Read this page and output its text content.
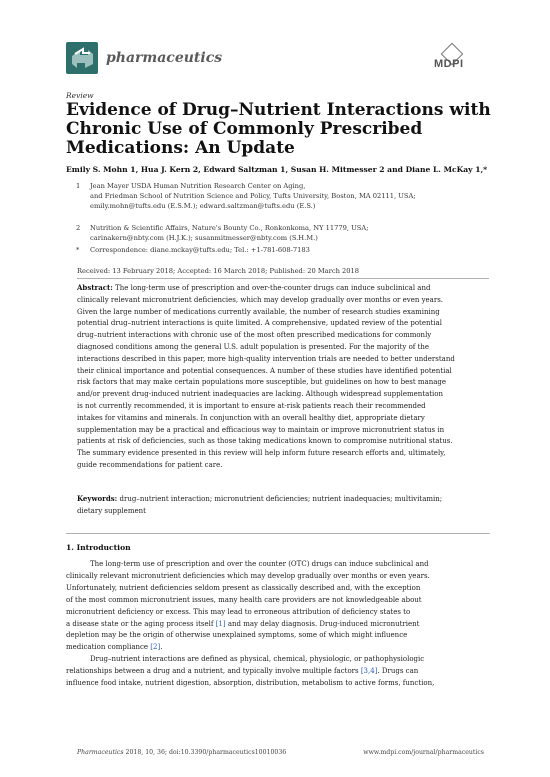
pharmaceutics	MDPI
Review
Evidence of Drug–Nutrient Interactions with
Chronic Use of Commonly Prescribed
Medications: An Update
Emily S. Mohn 1, Hua J. Kern 2, Edward Saltzman 1, Susan H. Mitmesser 2 and Diane L. McKay 1,*
1 Jean Mayer USDA Human Nutrition Research Center on Aging,
and Friedman School of Nutrition Science and Policy, Tufts University, Boston, MA 02111, USA;
emily.mohn@tufts.edu (E.S.M.); edward.saltzman@tufts.edu (E.S.)
2 Nutrition & Scientific Affairs, Nature's Bounty Co., Ronkonkoma, NY 11779, USA;
carinakern@nbty.com (H.J.K.); susanmitmesser@nbty.com (S.H.M.)
* Correspondence: diane.mckay@tufts.edu; Tel.: +1-781-608-7183
Received: 13 February 2018; Accepted: 16 March 2018; Published: 20 March 2018
Abstract: The long-term use of prescription and over-the-counter drugs can induce subclinical and
clinically relevant micronutrient deficiencies, which may develop gradually over months or even years.
Given the large number of medications currently available, the number of research studies examining
potential drug–nutrient interactions is quite limited. A comprehensive, updated review of the potential
drug–nutrient interactions with chronic use of the most often prescribed medications for commonly
diagnosed conditions among the general U.S. adult population is presented. For the majority of the
interactions described in this paper, more high-quality intervention trials are needed to better understand
their clinical importance and potential consequences. A number of these studies have identified potential
risk factors that may make certain populations more susceptible, but guidelines on how to best manage
and/or prevent drug-induced nutrient inadequacies are lacking. Although widespread supplementation
is not currently recommended, it is important to ensure at-risk patients reach their recommended
intakes for vitamins and minerals. In conjunction with an overall healthy diet, appropriate dietary
supplementation may be a practical and efficacious way to maintain or improve micronutrient status in
patients at risk of deficiencies, such as those taking medications known to compromise nutritional status.
The summary evidence presented in this review will help inform future research efforts and, ultimately,
guide recommendations for patient care.
Keywords: drug–nutrient interaction; micronutrient deficiencies; nutrient inadequacies; multivitamin;
dietary supplement
1. Introduction
The long-term use of prescription and over the counter (OTC) drugs can induce subclinical and
clinically relevant micronutrient deficiencies which may develop gradually over months or even years.
Unfortunately, nutrient deficiencies seldom present as classically described and, with the exception
of the most common micronutrient issues, many health care providers are not knowledgeable about
micronutrient deficiency or excess. This may lead to erroneous attribution of deficiency states to
a disease state or the aging process itself [1] and may delay diagnosis. Drug-induced micronutrient
depletion may be the origin of otherwise unexplained symptoms, some of which might influence
medication compliance [2].
Drug–nutrient interactions are defined as physical, chemical, physiologic, or pathophysiologic
relationships between a drug and a nutrient, and typically involve multiple factors [3,4]. Drugs can
influence food intake, nutrient digestion, absorption, distribution, metabolism to active forms, function,
Pharmaceutics 2018, 10, 36; doi:10.3390/pharmaceutics10010036	www.mdpi.com/journal/pharmaceutics
